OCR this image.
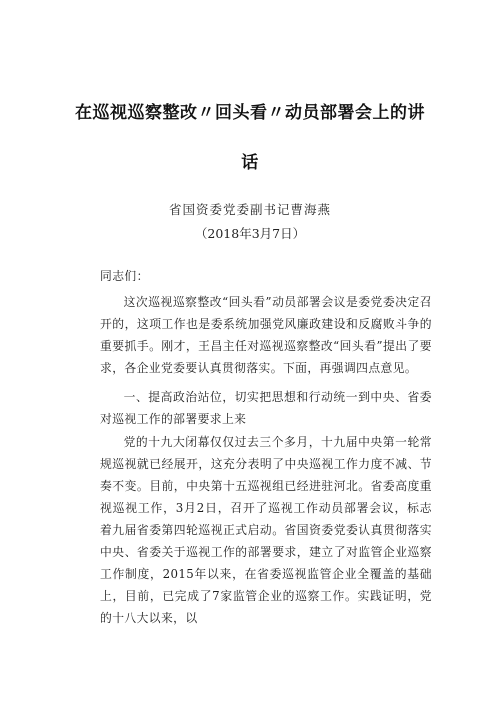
在巡视巡察整改〃回头看〃动员部署会上的讲
话
省国资委党委副书记曹海燕
（2018年3月7日）
同志们：

这次巡视巡察整改“回头看”动员部署会议是委党委决定召开的，这项工作也是委系统加强党风廉政建设和反腐败斗争的重要抓手。刚才，王昌主任对巡视巡察整改“回头看”提出了要求，各企业党委要认真贯彻落实。下面，再强调四点意见。

一、提高政治站位，切实把思想和行动统一到中央、省委对巡视工作的部署要求上来

党的十九大闭幕仅仅过去三个多月，十九届中央第一轮常规巡视就已经展开，这充分表明了中央巡视工作力度不减、节奏不变。目前，中央第十五巡视组已经进驻河北。省委高度重视巡视工作，3月2日，召开了巡视工作动员部署会议，标志着九届省委第四轮巡视正式启动。省国资委党委认真贯彻落实中央、省委关于巡视工作的部署要求，建立了对监管企业巡察工作制度，2015年以来，在省委巡视监管企业全覆盖的基础上，目前，已完成了7家监管企业的巡察工作。实践证明，党的十八大以来，以
